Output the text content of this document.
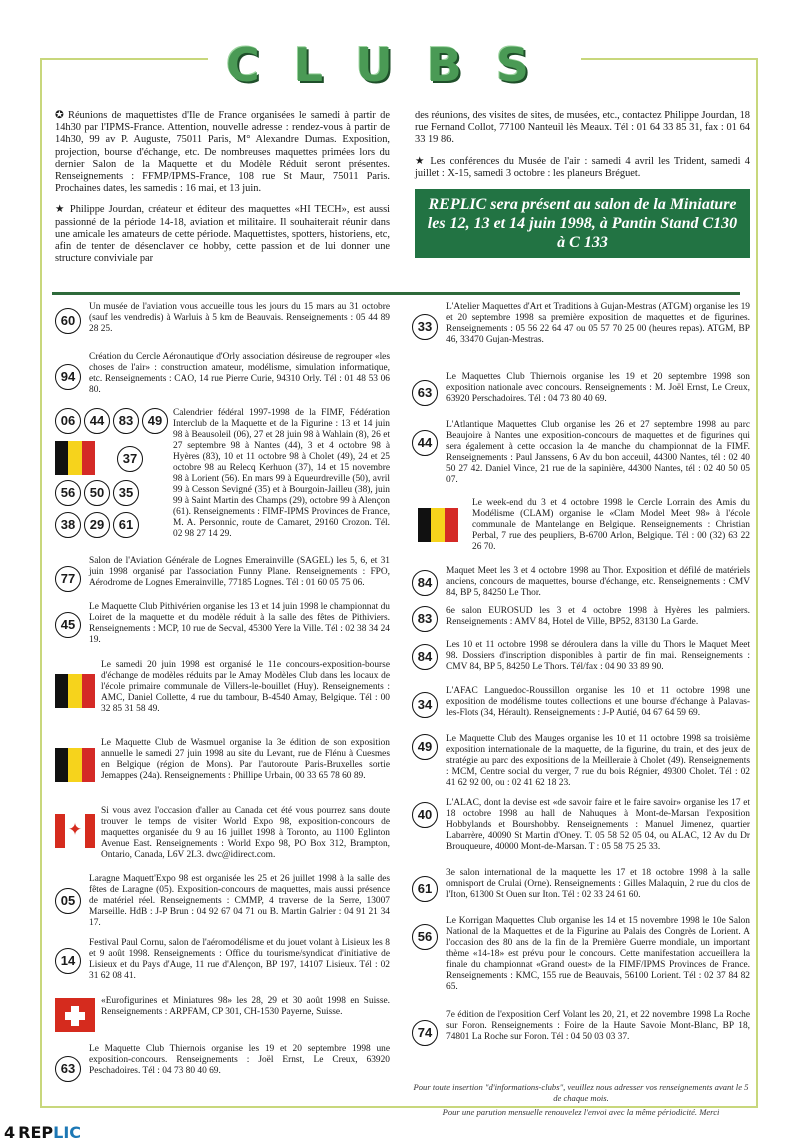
CLUBS

✪ Réunions de maquettistes d'Ile de France organisées le samedi à partir de 14h30 par l'IPMS-France. Attention, nouvelle adresse : rendez-vous à partir de 14h30, 99 av P. Auguste, 75011 Paris, M° Alexandre Dumas. Exposition, projection, bourse d'échange, etc. De nombreuses maquettes primées lors du dernier Salon de la Maquette et du Modèle Réduit seront présentes. Renseignements : FFMP/IPMS-France, 108 rue St Maur, 75011 Paris. Prochaines dates, les samedis : 16 mai, et 13 juin.

★ Philippe Jourdan, créateur et éditeur des maquettes «HI TECH», est aussi passionné de la période 14-18, aviation et militaire. Il souhaiterait réunir dans une amicale les amateurs de cette période. Maquettistes, spotters, historiens, etc, afin de tenter de désenclaver ce hobby, cette passion et de lui donner une structure conviviale par

des réunions, des visites de sites, de musées, etc., contactez Philippe Jourdan, 18 rue Fernand Collot, 77100 Nanteuil lès Meaux. Tél : 01 64 33 85 31, fax : 01 64 33 19 86.

★ Les conférences du Musée de l'air : samedi 4 avril les Trident, samedi 4 juillet : X-15, samedi 3 octobre : les planeurs Bréguet.

REPLIC sera présent au salon de la Miniature les 12, 13 et 14 juin 1998, à Pantin Stand C130 à C 133
60
Un musée de l'aviation vous accueille tous les jours du 15 mars au 31 octobre (sauf les vendredis) à Warluis à 5 km de Beauvais. Renseignements : 05 44 89 28 25.
94
Création du Cercle Aéronautique d'Orly association désireuse de regrouper «les choses de l'air» : construction amateur, modélisme, simulation informatique, etc. Renseignements : CAO, 14 rue Pierre Curie, 94310 Orly. Tél : 01 48 53 06 80.
06	44	83	49
37
56	50	35
38	29	61
Calendrier fédéral 1997-1998 de la FIMF, Fédération Interclub de la Maquette et de la Figurine : 13 et 14 juin 98 à Beausoleil (06), 27 et 28 juin 98 à Wahlain (8), 26 et 27 septembre 98 à Nantes (44), 3 et 4 octobre 98 à Hyères (83), 10 et 11 octobre 98 à Cholet (49), 24 et 25 octobre 98 au Relecq Kerhuon (37), 14 et 15 novembre 98 à Lorient (56). En mars 99 à Equeurdreville (50), avril 99 à Cesson Sevigné (35) et à Bourgoin-Jailleu (38), juin 99 à Saint Martin des Champs (29), octobre 99 à Alençon (61). Renseignements : FIMF-IPMS Provinces de France, M. A. Personnic, route de Camaret, 29160 Crozon. Tél. 02 98 27 14 29.
77
Salon de l'Aviation Générale de Lognes Emerainville (SAGEL) les 5, 6, et 31 juin 1998 organisé par l'association Funny Plane. Renseignements : FPO, Aérodrome de Lognes Emerainville, 77185 Lognes. Tél : 01 60 05 75 06.
45
Le Maquette Club Pithivérien organise les 13 et 14 juin 1998 le championnat du Loiret de la maquette et du modèle réduit à la salle des fêtes de Pithiviers. Renseignements : MCP, 10 rue de Secval, 45300 Yere la Ville. Tél : 02 38 34 24 19.
Le samedi 20 juin 1998 est organisé le 11e concours-exposition-bourse d'échange de modèles réduits par le Amay Modèles Club dans les locaux de l'école primaire communale de Villers-le-bouillet (Huy). Renseignements : AMC, Daniel Collette, 4 rue du tambour, B-4540 Amay, Belgique. Tél : 00 32 85 31 58 49.
Le Maquette Club de Wasmuel organise la 3e édition de son exposition annuelle le samedi 27 juin 1998 au site du Levant, rue de Flénu à Cuesmes en Belgique (région de Mons). Par l'autoroute Paris-Bruxelles sortie Jemappes (24a). Renseignements : Phillipe Urbain, 00 33 65 78 60 89.
✦
Si vous avez l'occasion d'aller au Canada cet été vous pourrez sans doute trouver le temps de visiter World Expo 98, exposition-concours de maquettes organisée du 9 au 16 juillet 1998 à Toronto, au 1100 Eglinton Avenue East. Renseignements : World Expo 98, PO Box 312, Brampton, Ontario, Canada, L6V 2L3. dwc@idirect.com.
05
Laragne Maquett'Expo 98 est organisée les 25 et 26 juillet 1998 à la salle des fêtes de Laragne (05). Exposition-concours de maquettes, mais aussi présence de matériel réel. Renseignements : CMMP, 4 traverse de la Serre, 13007 Marseille. HdB : J-P Brun : 04 92 67 04 71 ou B. Martin Galrier : 04 91 21 34 17.
14
Festival Paul Cornu, salon de l'aéromodélisme et du jouet volant à Lisieux les 8 et 9 août 1998. Renseignements : Office du tourisme/syndicat d'initiative de Lisieux et du Pays d'Auge, 11 rue d'Alençon, BP 197, 14107 Lisieux. Tél : 02 31 62 08 41.
«Eurofigurines et Miniatures 98» les 28, 29 et 30 août 1998 en Suisse. Renseignements : ARPFAM, CP 301, CH-1530 Payerne, Suisse.
63
Le Maquette Club Thiernois organise les 19 et 20 septembre 1998 une exposition-concours. Renseignements : Joël Ernst, Le Creux, 63920 Peschadoires. Tél : 04 73 80 40 69.
33
L'Atelier Maquettes d'Art et Traditions à Gujan-Mestras (ATGM) organise les 19 et 20 septembre 1998 sa première exposition de maquettes et de figurines. Renseignements : 05 56 22 64 47 ou 05 57 70 25 00 (heures repas). ATGM, BP 46, 33470 Gujan-Mestras.
63
Le Maquettes Club Thiernois organise les 19 et 20 septembre 1998 son exposition nationale avec concours. Renseignements : M. Joël Ernst, Le Creux, 63920 Perschadoires. Tél : 04 73 80 40 69.
44
L'Atlantique Maquettes Club organise les 26 et 27 septembre 1998 au parc Beaujoire à Nantes une exposition-concours de maquettes et de figurines qui sera également à cette occasion la 4e manche du championnat de la FIMF. Renseignements : Paul Janssens, 6 Av du bon acceuil, 44300 Nantes, tél : 02 40 50 27 42. Daniel Vince, 21 rue de la sapinière, 44300 Nantes, tél : 02 40 50 05 07.
Le week-end du 3 et 4 octobre 1998 le Cercle Lorrain des Amis du Modélisme (CLAM) organise le «Clam Model Meet 98» à l'école communale de Mantelange en Belgique. Renseignements : Christian Perbal, 7 rue des peupliers, B-6700 Arlon, Belgique. Tél : 00 (32) 63 22 26 70.
84
Maquet Meet les 3 et 4 octobre 1998 au Thor. Exposition et défilé de matériels anciens, concours de maquettes, bourse d'échange, etc. Renseignements : CMV 84, BP 5, 84250 Le Thor.
83	6e salon EUROSUD les 3 et 4 octobre 1998 à Hyères les palmiers. Renseignements : AMV 84, Hotel de Ville, BP52, 83130 La Garde.
84
Les 10 et 11 octobre 1998 se déroulera dans la ville du Thors le Maquet Meet 98. Dossiers d'inscription disponibles à partir de fin mai. Renseignements : CMV 84, BP 5, 84250 Le Thors. Tél/fax : 04 90 33 89 90.
34
L'AFAC Languedoc-Roussillon organise les 10 et 11 octobre 1998 une exposition de modélisme toutes collections et une bourse d'échange à Palavas-les-Flots (34, Hérault). Renseignements : J-P Autié, 04 67 64 59 69.
49	Le Maquette Club des Mauges organise les 10 et 11 octobre 1998 sa troisième exposition internationale de la maquette, de la figurine, du train, et des jeux de stratégie au parc des expositions de la Meilleraie à Cholet (49). Renseignements : MCM, Centre social du verger, 7 rue du bois Régnier, 49300 Cholet. Tél : 02 41 62 92 00, ou : 02 41 62 18 23.
40
L'ALAC, dont la devise est «de savoir faire et le faire savoir» organise les 17 et 18 octobre 1998 au hall de Nahuques à Mont-de-Marsan l'exposition Hobbylands et Bourshobby. Renseignements : Manuel Jimenez, quartier Labarrère, 40090 St Martin d'Oney. T. 05 58 52 05 04, ou ALAC, 12 Av du Dr Brouqueure, 40000 Mont-de-Marsan. T : 05 58 75 25 33.
61
3e salon international de la maquette les 17 et 18 octobre 1998 à la salle omnisport de Crulai (Orne). Renseignements : Gilles Malaquin, 2 rue du clos de l'Iton, 61300 St Ouen sur Iton. Tél : 02 33 24 61 60.
56
Le Korrigan Maquettes Club organise les 14 et 15 novembre 1998 le 10e Salon National de la Maquettes et de la Figurine au Palais des Congrès de Lorient. A l'occasion des 80 ans de la fin de la Première Guerre mondiale, un important thème «14-18» est prévu pour le concours. Cette manifestation accueillera la finale du championnat «Grand ouest» de la FIMF/IPMS Provinces de France. Renseignements : KMC, 155 rue de Beauvais, 56100 Lorient. Tél : 02 37 84 82 65.
74
7e édition de l'exposition Cerf Volant les 20, 21, et 22 novembre 1998 La Roche sur Foron. Renseignements : Foire de la Haute Savoie Mont-Blanc, BP 18, 74801 La Roche sur Foron. Tél : 04 50 03 03 37.
Pour toute insertion "d'informations-clubs", veuillez nous adresser vos renseignements avant le 5 de chaque mois.
Pour une parution mensuelle renouvelez l'envoi avec la même périodicité. Merci
4 REPLIC
